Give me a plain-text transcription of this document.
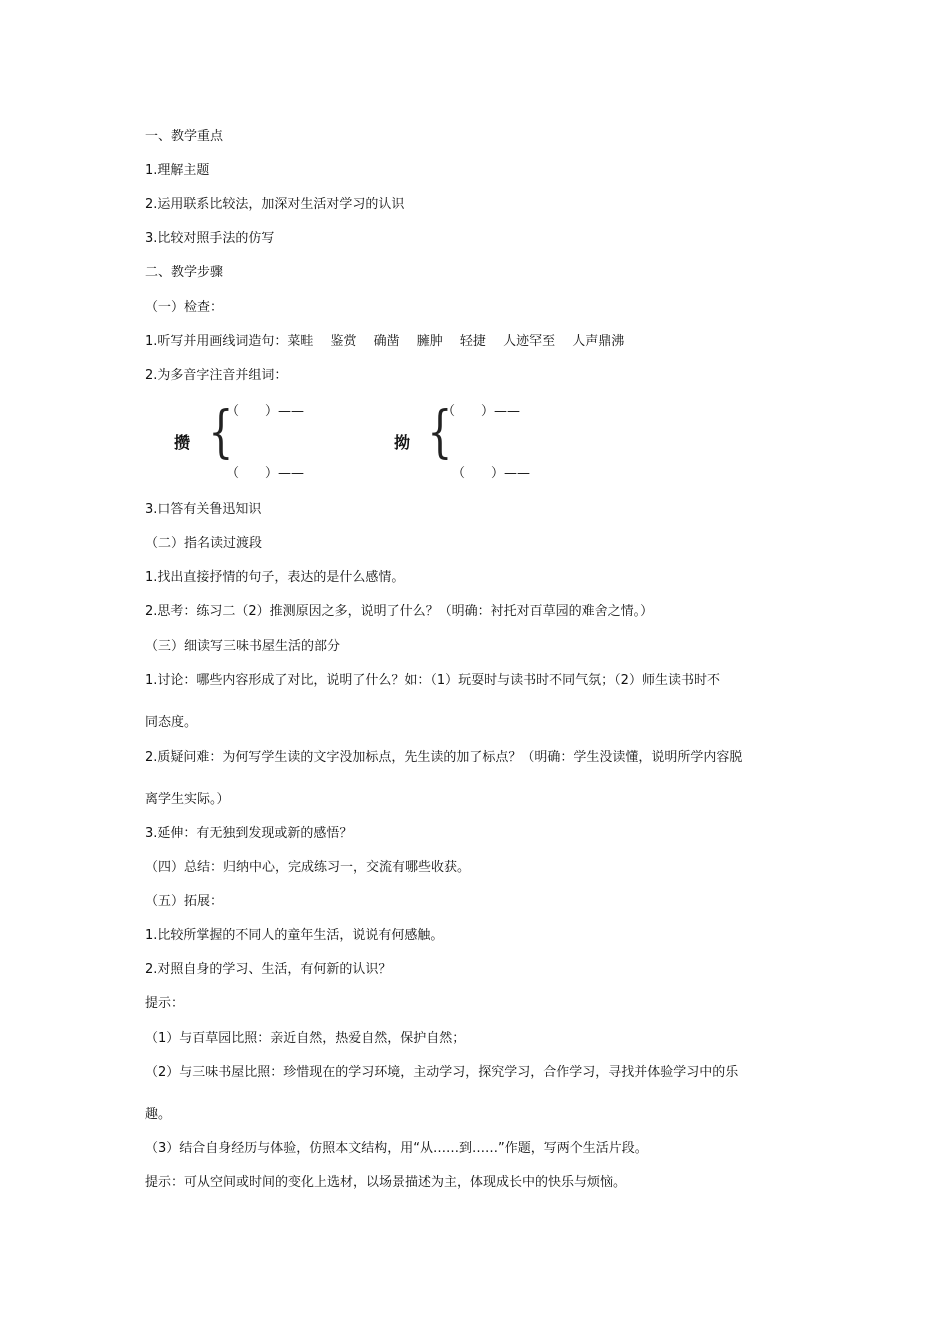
一、教学重点
1.理解主题
2.运用联系比较法，加深对生活对学习的认识
3.比较对照手法的仿写
二、教学步骤
（一）检查：
1.听写并用画线词造句：菜畦　 鉴赏　 确凿　 臃肿　 轻捷　 人迹罕至　 人声鼎沸
2.为多音字注音并组词：
攒 {
（　　）——
（　　）——
拗 {
（　　）——
（　　）——
3.口答有关鲁迅知识
（二）指名读过渡段
1.找出直接抒情的句子，表达的是什么感情。
2.思考：练习二（2）推测原因之多，说明了什么？（明确：衬托对百草园的难舍之情。）
（三）细读写三味书屋生活的部分
1.讨论：哪些内容形成了对比，说明了什么？如：（1）玩耍时与读书时不同气氛；（2）师生读书时不
同态度。
2.质疑问难：为何写学生读的文字没加标点，先生读的加了标点？（明确：学生没读懂，说明所学内容脱
离学生实际。）
3.延伸：有无独到发现或新的感悟？
（四）总结：归纳中心，完成练习一，交流有哪些收获。
（五）拓展：
1.比较所掌握的不同人的童年生活，说说有何感触。
2.对照自身的学习、生活，有何新的认识？
提示：
（1）与百草园比照：亲近自然，热爱自然，保护自然；
（2）与三味书屋比照：珍惜现在的学习环境，主动学习，探究学习，合作学习，寻找并体验学习中的乐
趣。
（3）结合自身经历与体验，仿照本文结构，用“从……到……”作题，写两个生活片段。
提示：可从空间或时间的变化上选材，以场景描述为主，体现成长中的快乐与烦恼。
